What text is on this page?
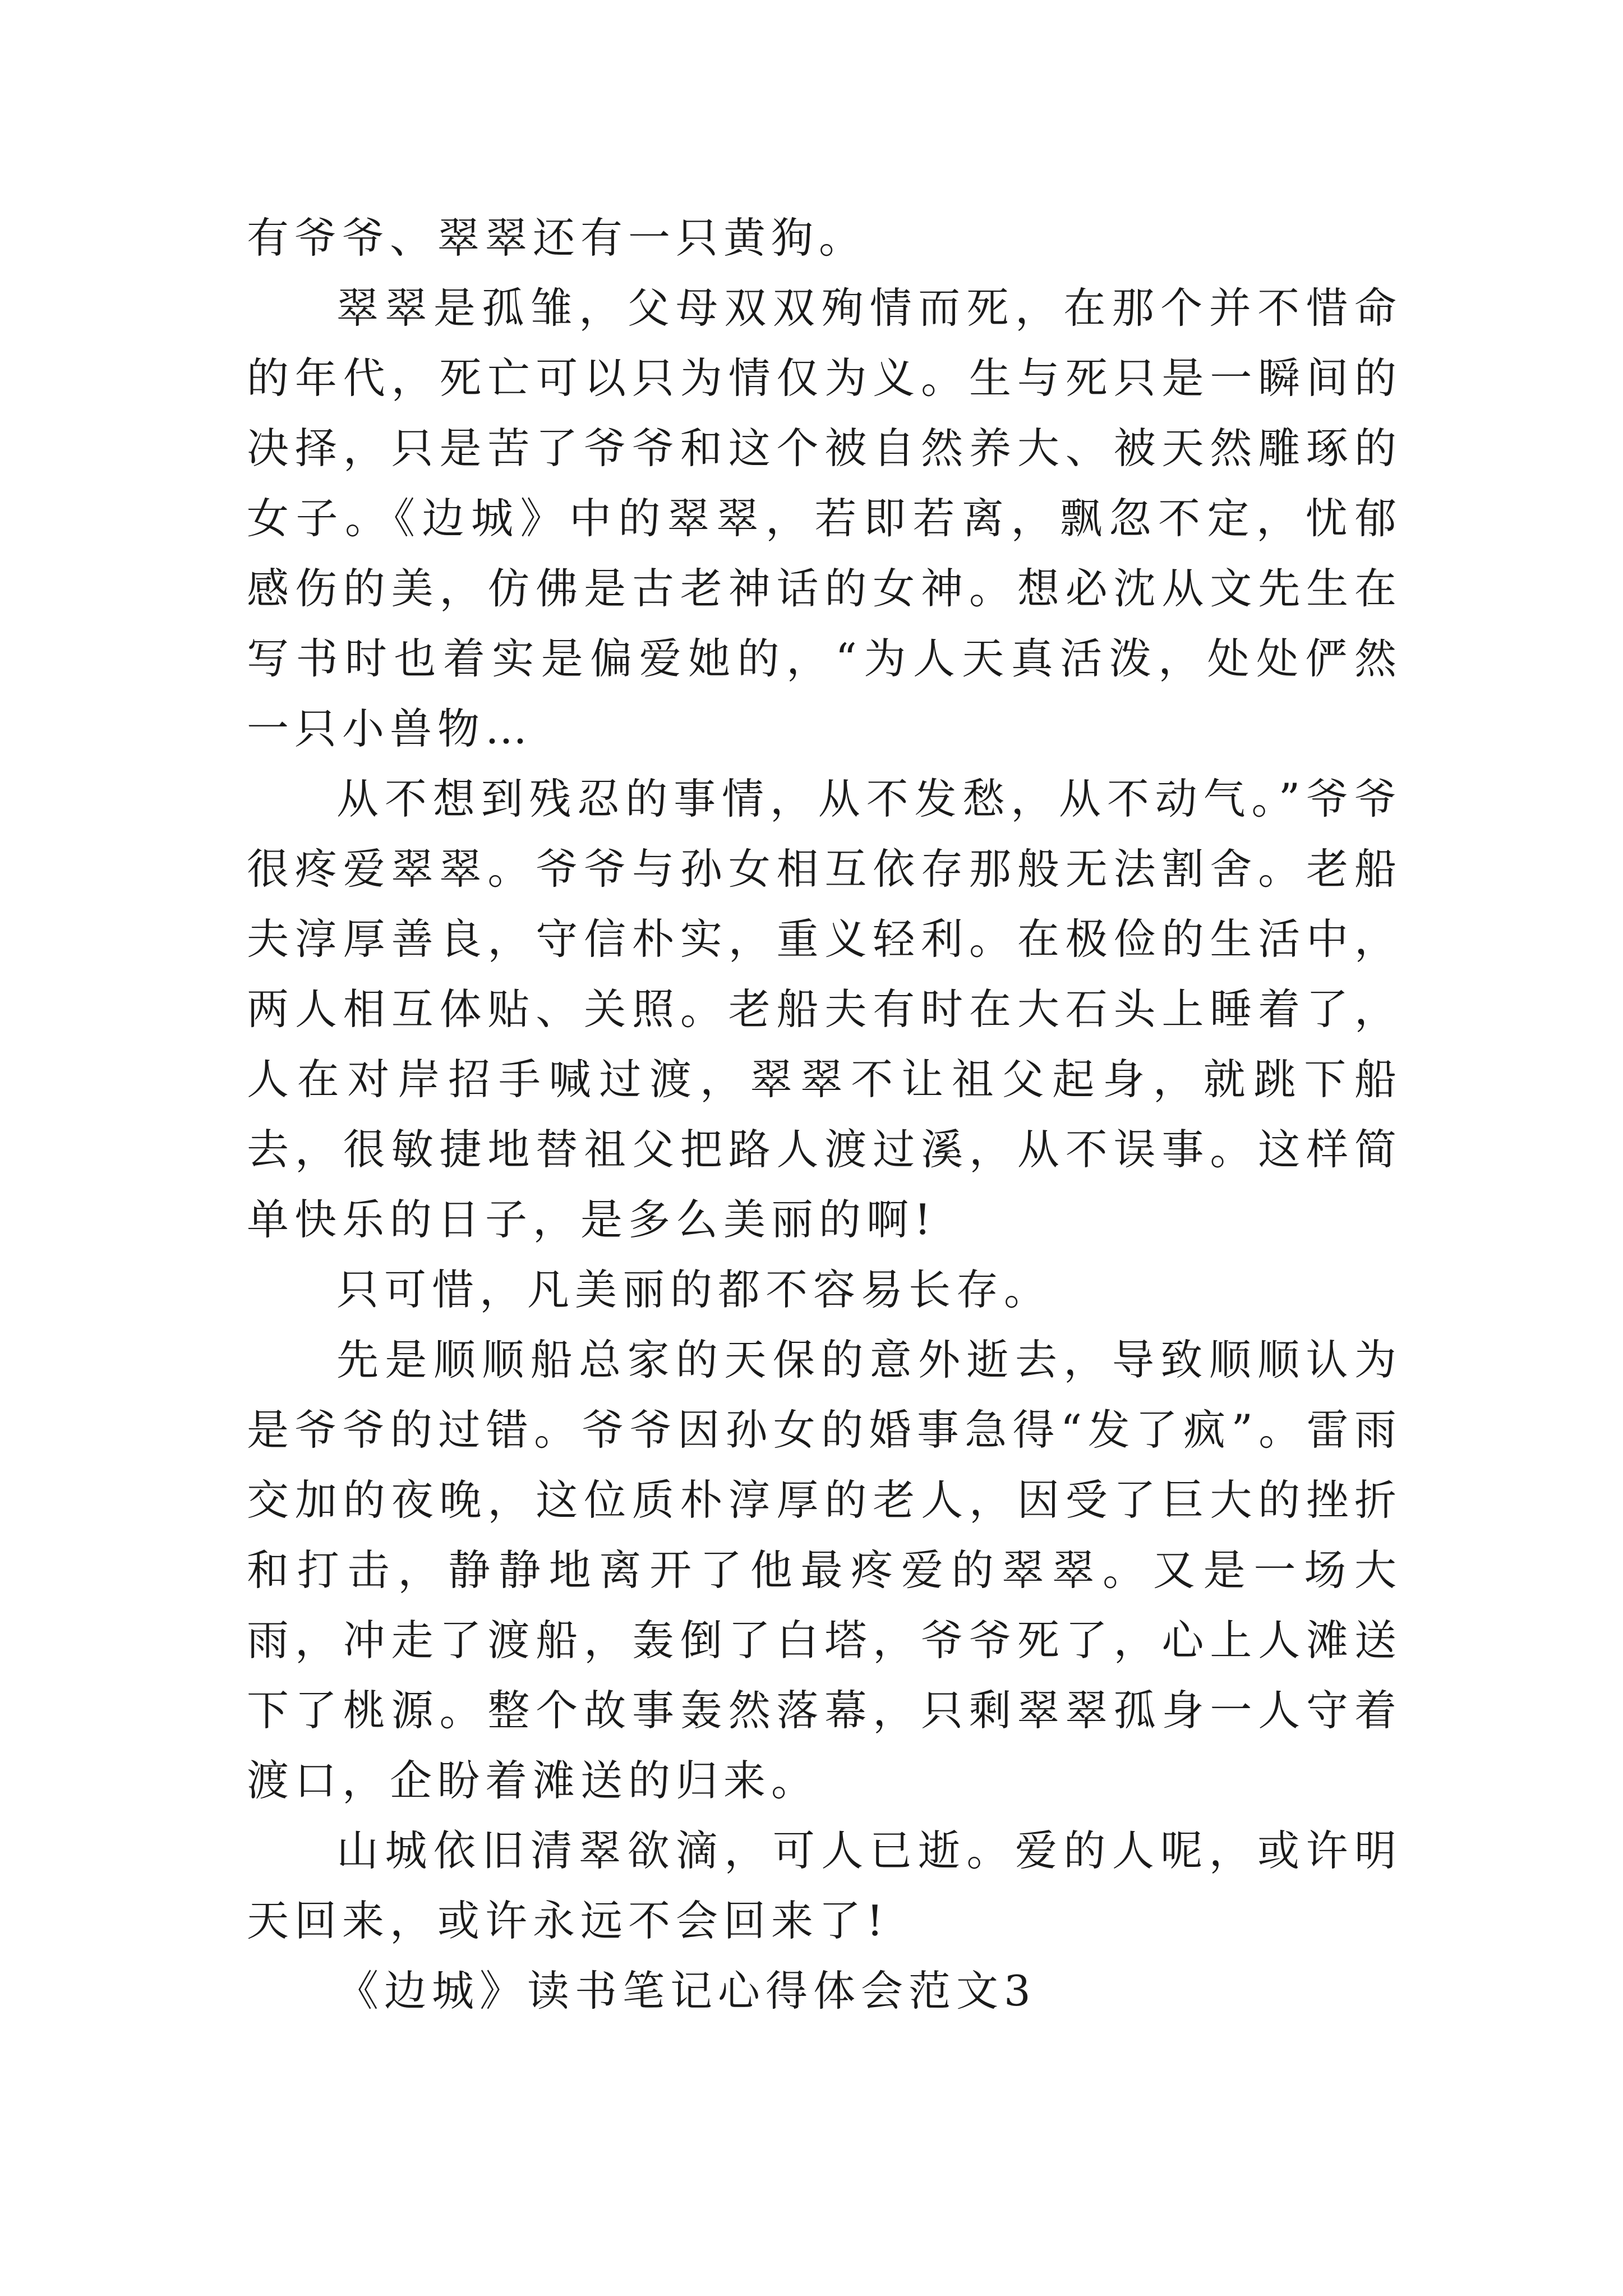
有爷爷、翠翠还有一只黄狗。

翠翠是孤雏，父母双双殉情而死，在那个并不惜命的年代，死亡可以只为情仅为义。生与死只是一瞬间的决择，只是苦了爷爷和这个被自然养大、被天然雕琢的女子。《边城》中的翠翠，若即若离，飘忽不定，忧郁感伤的美，仿佛是古老神话的女神。想必沈从文先生在写书时也着实是偏爱她的，“为人天真活泼，处处俨然一只小兽物…

从不想到残忍的事情，从不发愁，从不动气。”爷爷很疼爱翠翠。爷爷与孙女相互依存那般无法割舍。老船夫淳厚善良，守信朴实，重义轻利。在极俭的生活中，两人相互体贴、关照。老船夫有时在大石头上睡着了，人在对岸招手喊过渡，翠翠不让祖父起身，就跳下船去，很敏捷地替祖父把路人渡过溪，从不误事。这样简单快乐的日子，是多么美丽的啊!

只可惜，凡美丽的都不容易长存。

先是顺顺船总家的天保的意外逝去，导致顺顺认为是爷爷的过错。爷爷因孙女的婚事急得“发了疯”。雷雨交加的夜晚，这位质朴淳厚的老人，因受了巨大的挫折和打击，静静地离开了他最疼爱的翠翠。又是一场大雨，冲走了渡船，轰倒了白塔，爷爷死了，心上人滩送下了桃源。整个故事轰然落幕，只剩翠翠孤身一人守着渡口，企盼着滩送的归来。

山城依旧清翠欲滴，可人已逝。爱的人呢，或许明天回来，或许永远不会回来了!

《边城》读书笔记心得体会范文3
